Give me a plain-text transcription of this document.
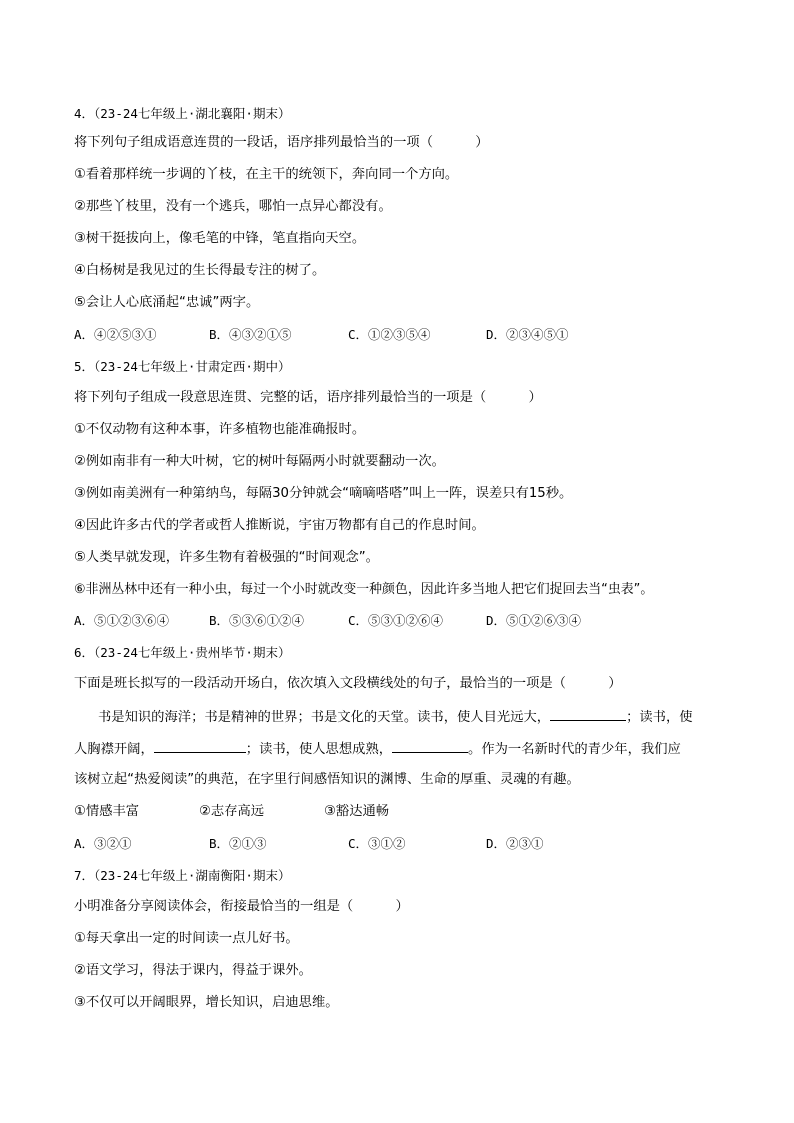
4．（23-24七年级上·湖北襄阳·期末）
将下列句子组成语意连贯的一段话，语序排列最恰当的一项（          ）
①看着那样统一步调的丫枝，在主干的统领下，奔向同一个方向。
②那些丫枝里，没有一个逃兵，哪怕一点异心都没有。
③树干挺拔向上，像毛笔的中锋，笔直指向天空。
④白杨树是我见过的生长得最专注的树了。
⑤会让人心底涌起“忠诚”两字。

A．④②⑤③①

	B．④③②①⑤

	C．①②③⑤④

	D．②③④⑤①

5．（23-24七年级上·甘肃定西·期中）
将下列句子组成一段意思连贯、完整的话，语序排列最恰当的一项是（          ）
①不仅动物有这种本事，许多植物也能准确报时。
②例如南非有一种大叶树，它的树叶每隔两小时就要翻动一次。
③例如南美洲有一种第纳鸟，每隔30分钟就会“嘀嘀嗒嗒”叫上一阵，误差只有15秒。
④因此许多古代的学者或哲人推断说，宇宙万物都有自己的作息时间。
⑤人类早就发现，许多生物有着极强的“时间观念”。
⑥非洲丛林中还有一种小虫，每过一个小时就改变一种颜色，因此许多当地人把它们捉回去当“虫表”。

A．⑤①②③⑥④

	B．⑤③⑥①②④

	C．⑤③①②⑥④

	D．⑤①②⑥③④

6．（23-24七年级上·贵州毕节·期末）
下面是班长拟写的一段活动开场白，依次填入文段横线处的句子，最恰当的一项是（          ）
书是知识的海洋；书是精神的世界；书是文化的天堂。读书，使人目光远大，	；读书，使
人胸襟开阔，	；读书，使人思想成熟，	。作为一名新时代的青少年，我们应
该树立起“热爱阅读”的典范，在字里行间感悟知识的渊博、生命的厚重、灵魂的有趣。

①情感丰富

	②志存高远

	③豁达通畅

A．③②①

	B．②①③

	C．③①②

	D．②③①

7．（23-24七年级上·湖南衡阳·期末）
小明准备分享阅读体会，衔接最恰当的一组是（          ）
①每天拿出一定的时间读一点儿好书。
②语文学习，得法于课内，得益于课外。
③不仅可以开阔眼界，增长知识，启迪思维。
